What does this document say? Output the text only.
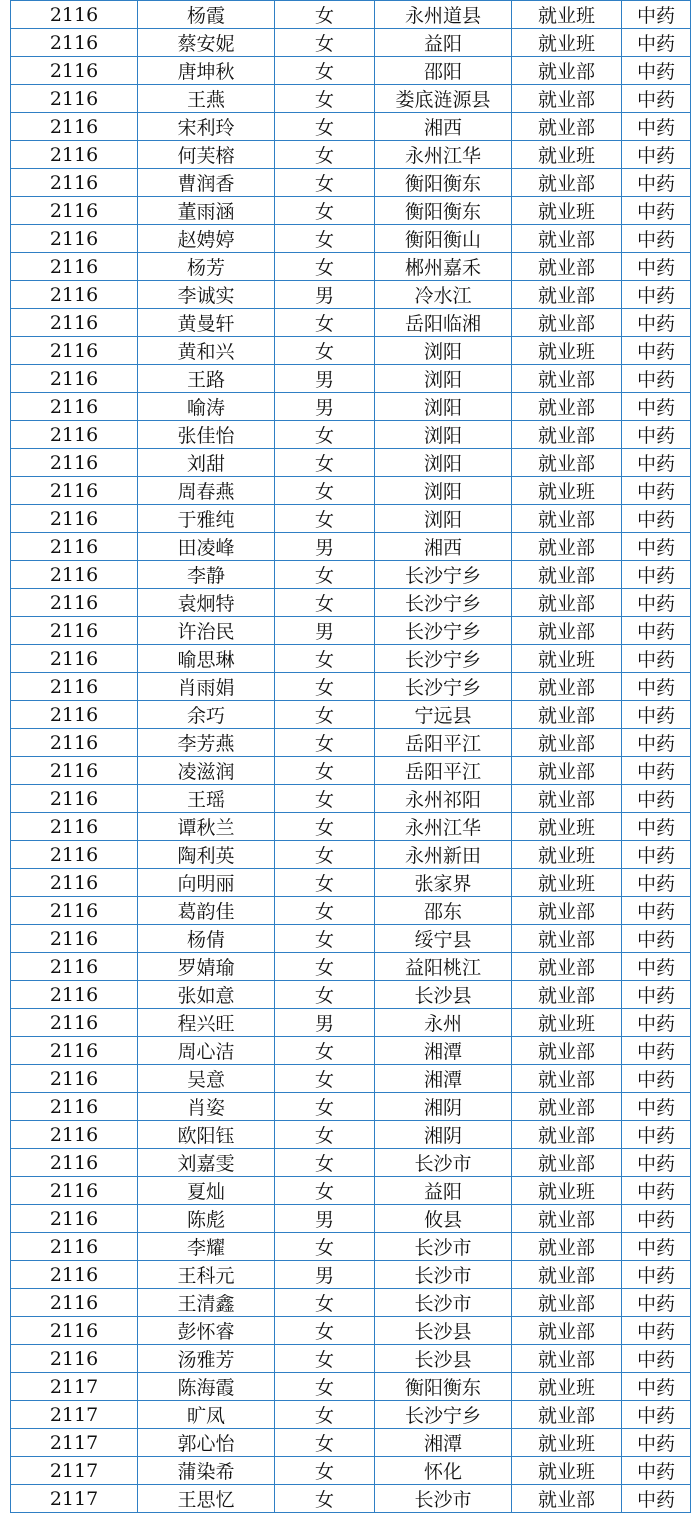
2116	杨霞	女	永州道县	就业班	中药
2116	蔡安妮	女	益阳	就业班	中药
2116	唐坤秋	女	邵阳	就业部	中药
2116	王燕	女	娄底涟源县	就业部	中药
2116	宋利玲	女	湘西	就业部	中药
2116	何芙榕	女	永州江华	就业班	中药
2116	曹润香	女	衡阳衡东	就业部	中药
2116	董雨涵	女	衡阳衡东	就业班	中药
2116	赵娉婷	女	衡阳衡山	就业部	中药
2116	杨芳	女	郴州嘉禾	就业部	中药
2116	李诚实	男	冷水江	就业部	中药
2116	黄曼轩	女	岳阳临湘	就业部	中药
2116	黄和兴	女	浏阳	就业班	中药
2116	王路	男	浏阳	就业部	中药
2116	喻涛	男	浏阳	就业部	中药
2116	张佳怡	女	浏阳	就业部	中药
2116	刘甜	女	浏阳	就业部	中药
2116	周春燕	女	浏阳	就业班	中药
2116	于雅纯	女	浏阳	就业部	中药
2116	田凌峰	男	湘西	就业部	中药
2116	李静	女	长沙宁乡	就业部	中药
2116	袁炯特	女	长沙宁乡	就业部	中药
2116	许治民	男	长沙宁乡	就业部	中药
2116	喻思琳	女	长沙宁乡	就业班	中药
2116	肖雨娟	女	长沙宁乡	就业部	中药
2116	余巧	女	宁远县	就业部	中药
2116	李芳燕	女	岳阳平江	就业部	中药
2116	凌滋润	女	岳阳平江	就业部	中药
2116	王瑶	女	永州祁阳	就业部	中药
2116	谭秋兰	女	永州江华	就业班	中药
2116	陶利英	女	永州新田	就业班	中药
2116	向明丽	女	张家界	就业班	中药
2116	葛韵佳	女	邵东	就业部	中药
2116	杨倩	女	绥宁县	就业部	中药
2116	罗婧瑜	女	益阳桃江	就业部	中药
2116	张如意	女	长沙县	就业部	中药
2116	程兴旺	男	永州	就业班	中药
2116	周心洁	女	湘潭	就业部	中药
2116	吴意	女	湘潭	就业部	中药
2116	肖姿	女	湘阴	就业部	中药
2116	欧阳钰	女	湘阴	就业部	中药
2116	刘嘉雯	女	长沙市	就业部	中药
2116	夏灿	女	益阳	就业班	中药
2116	陈彪	男	攸县	就业部	中药
2116	李耀	女	长沙市	就业部	中药
2116	王科元	男	长沙市	就业部	中药
2116	王清鑫	女	长沙市	就业部	中药
2116	彭怀睿	女	长沙县	就业部	中药
2116	汤雅芳	女	长沙县	就业部	中药
2117	陈海霞	女	衡阳衡东	就业班	中药
2117	旷凤	女	长沙宁乡	就业部	中药
2117	郭心怡	女	湘潭	就业班	中药
2117	蒲染希	女	怀化	就业班	中药
2117	王思忆	女	长沙市	就业部	中药
